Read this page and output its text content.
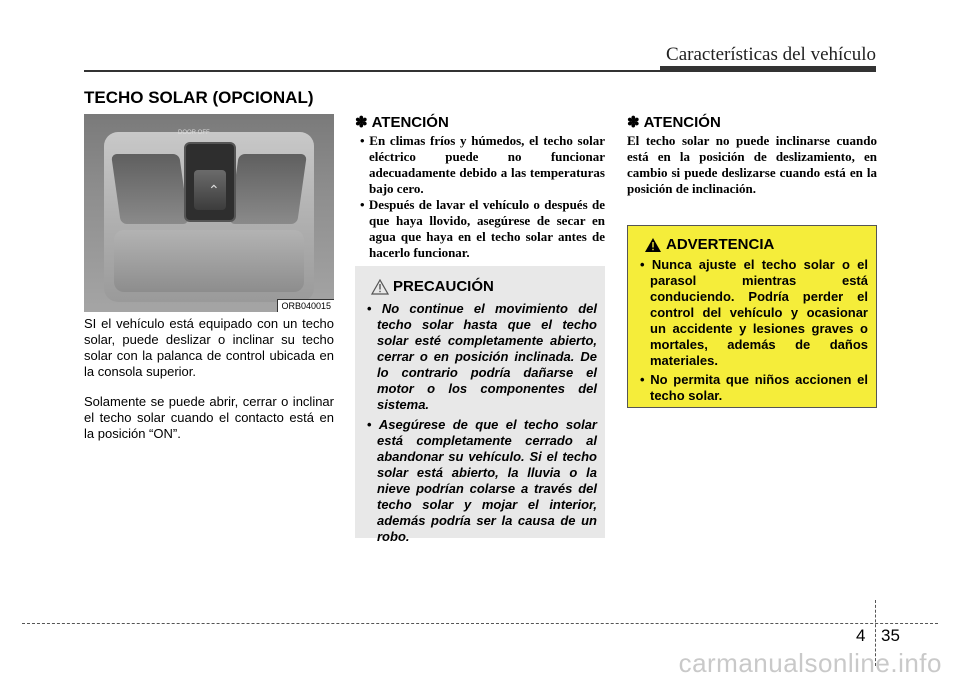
Características del vehículo
TECHO SOLAR (OPCIONAL)
⌃
DOOR OFF
ORB040015

SI el vehículo está equipado con un techo solar, puede deslizar o inclinar su techo solar con la palanca de control ubicada en la consola superior.

Solamente se puede abrir, cerrar o inclinar el techo solar cuando el contacto está en la posición “ON”.

✽ ATENCIÓN
• En climas fríos y húmedos, el techo solar eléctrico puede no funcionar adecuadamente debido a las temperaturas bajo cero.
• Después de lavar el vehículo o después de que haya llovido, asegúrese de secar en agua que haya en el techo solar antes de hacerlo funcionar.
PRECAUCIÓN
• No continue el movimiento del techo solar hasta que el techo solar esté completamente abierto, cerrar o en posición inclinada. De lo contrario podría dañarse el motor o los componentes del sistema.
• Asegúrese de que el techo solar está completamente cerrado al abandonar su vehículo. Si el techo solar está abierto, la lluvia o la nieve podrían colarse a través del techo solar y mojar el interior, además podría ser la causa de un robo.
✽ ATENCIÓN

El techo solar no puede inclinarse cuando está en la posición de deslizamiento, en cambio si puede deslizarse cuando está en la posición de inclinación.

ADVERTENCIA
• Nunca ajuste el techo solar o el parasol mientras está conduciendo. Podría perder el control del vehículo y ocasionar un accidente y lesiones graves o mortales, además de daños materiales.
• No permita que niños accionen el techo solar.
4 35
carmanualsonline.info
